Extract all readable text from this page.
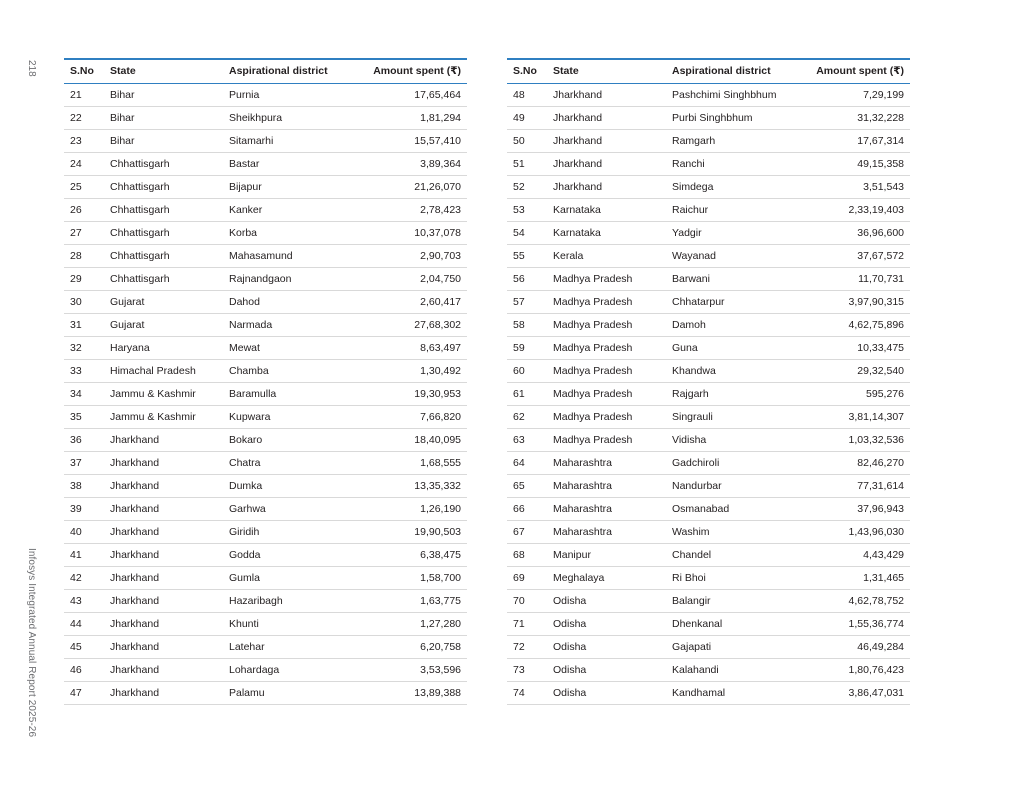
218
Infosys Integrated Annual Report 2025-26
S.No	State	Aspirational district	Amount spent (₹)
21	Bihar	Purnia	17,65,464
22	Bihar	Sheikhpura	1,81,294
23	Bihar	Sitamarhi	15,57,410
24	Chhattisgarh	Bastar	3,89,364
25	Chhattisgarh	Bijapur	21,26,070
26	Chhattisgarh	Kanker	2,78,423
27	Chhattisgarh	Korba	10,37,078
28	Chhattisgarh	Mahasamund	2,90,703
29	Chhattisgarh	Rajnandgaon	2,04,750
30	Gujarat	Dahod	2,60,417
31	Gujarat	Narmada	27,68,302
32	Haryana	Mewat	8,63,497
33	Himachal Pradesh	Chamba	1,30,492
34	Jammu & Kashmir	Baramulla	19,30,953
35	Jammu & Kashmir	Kupwara	7,66,820
36	Jharkhand	Bokaro	18,40,095
37	Jharkhand	Chatra	1,68,555
38	Jharkhand	Dumka	13,35,332
39	Jharkhand	Garhwa	1,26,190
40	Jharkhand	Giridih	19,90,503
41	Jharkhand	Godda	6,38,475
42	Jharkhand	Gumla	1,58,700
43	Jharkhand	Hazaribagh	1,63,775
44	Jharkhand	Khunti	1,27,280
45	Jharkhand	Latehar	6,20,758
46	Jharkhand	Lohardaga	3,53,596
47	Jharkhand	Palamu	13,89,388
S.No	State	Aspirational district	Amount spent (₹)
48	Jharkhand	Pashchimi Singhbhum	7,29,199
49	Jharkhand	Purbi Singhbhum	31,32,228
50	Jharkhand	Ramgarh	17,67,314
51	Jharkhand	Ranchi	49,15,358
52	Jharkhand	Simdega	3,51,543
53	Karnataka	Raichur	2,33,19,403
54	Karnataka	Yadgir	36,96,600
55	Kerala	Wayanad	37,67,572
56	Madhya Pradesh	Barwani	11,70,731
57	Madhya Pradesh	Chhatarpur	3,97,90,315
58	Madhya Pradesh	Damoh	4,62,75,896
59	Madhya Pradesh	Guna	10,33,475
60	Madhya Pradesh	Khandwa	29,32,540
61	Madhya Pradesh	Rajgarh	595,276
62	Madhya Pradesh	Singrauli	3,81,14,307
63	Madhya Pradesh	Vidisha	1,03,32,536
64	Maharashtra	Gadchiroli	82,46,270
65	Maharashtra	Nandurbar	77,31,614
66	Maharashtra	Osmanabad	37,96,943
67	Maharashtra	Washim	1,43,96,030
68	Manipur	Chandel	4,43,429
69	Meghalaya	Ri Bhoi	1,31,465
70	Odisha	Balangir	4,62,78,752
71	Odisha	Dhenkanal	1,55,36,774
72	Odisha	Gajapati	46,49,284
73	Odisha	Kalahandi	1,80,76,423
74	Odisha	Kandhamal	3,86,47,031
